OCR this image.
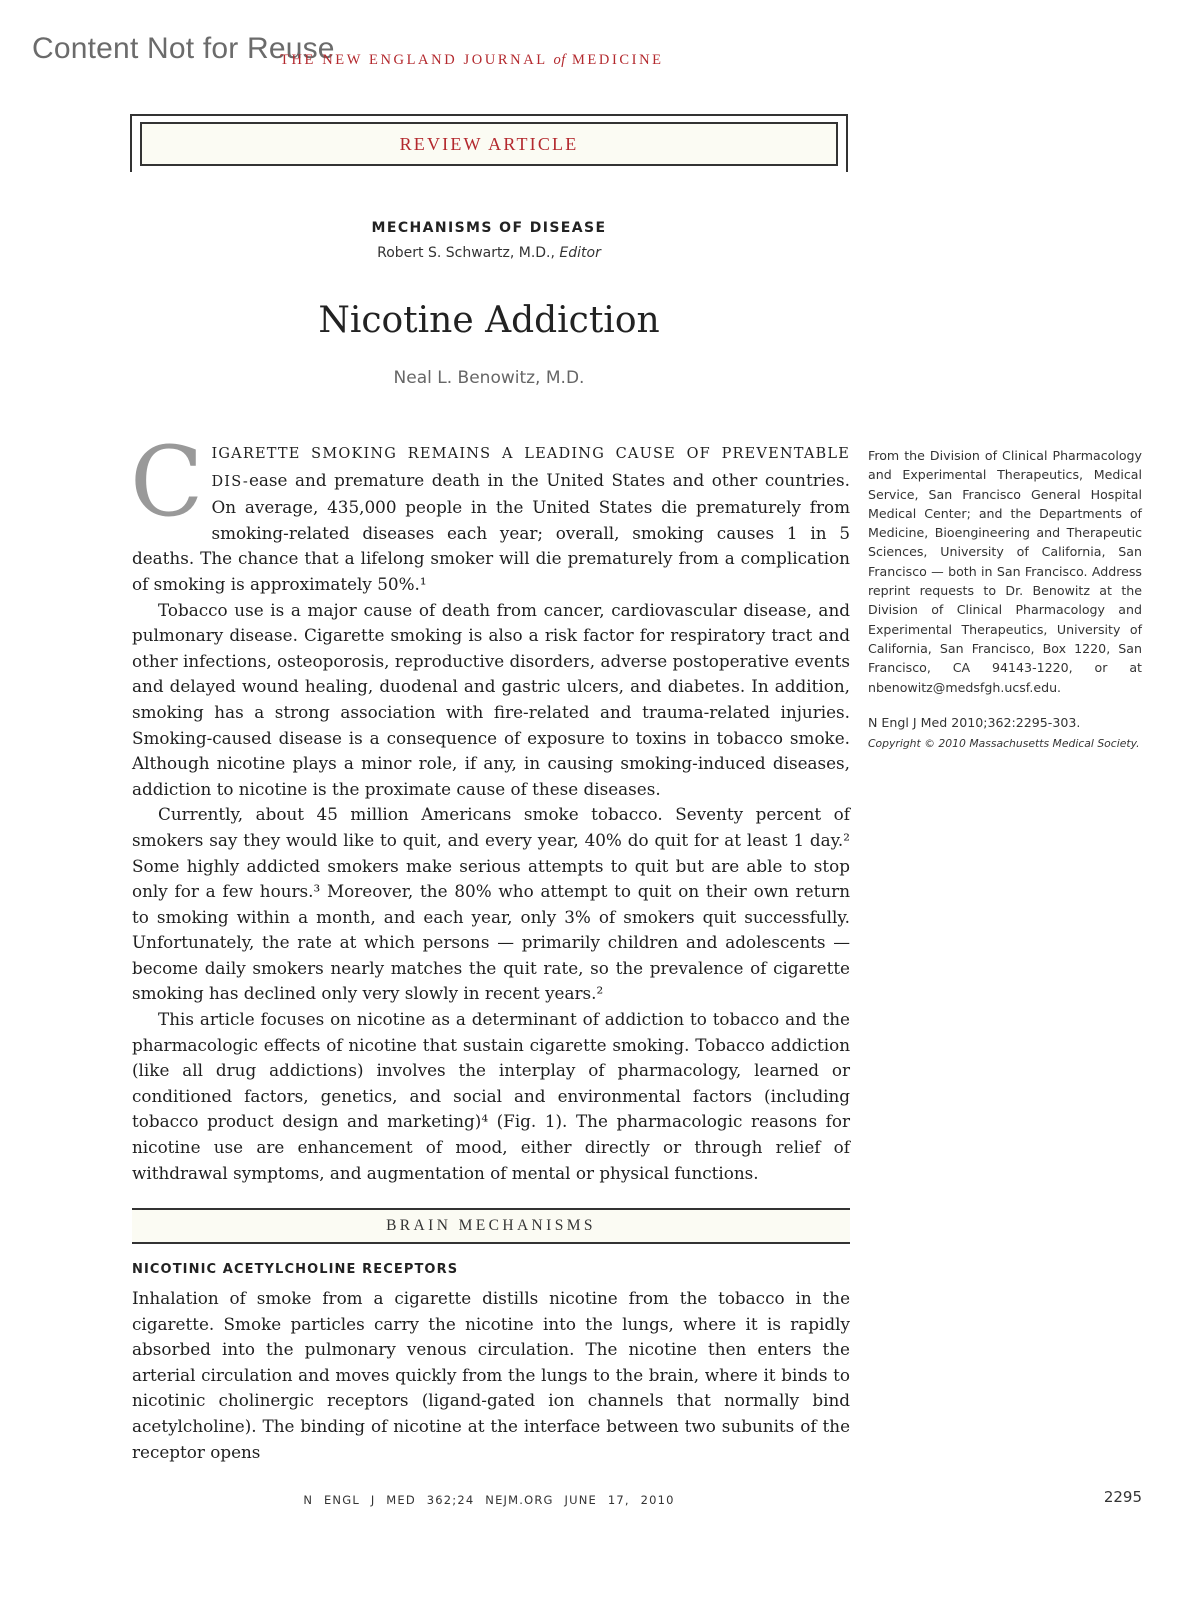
Content Not for Reuse
THE NEW ENGLAND JOURNAL of MEDICINE
REVIEW ARTICLE
MECHANISMS OF DISEASE
Robert S. Schwartz, M.D., Editor
Nicotine Addiction
Neal L. Benowitz, M.D.

CIGARETTE SMOKING REMAINS A LEADING CAUSE OF PREVENTABLE DIS-ease and premature death in the United States and other countries. On average, 435,000 people in the United States die prematurely from smoking-related diseases each year; overall, smoking causes 1 in 5 deaths. The chance that a lifelong smoker will die prematurely from a complication of smoking is approximately 50%.¹

Tobacco use is a major cause of death from cancer, cardiovascular disease, and pulmonary disease. Cigarette smoking is also a risk factor for respiratory tract and other infections, osteoporosis, reproductive disorders, adverse postoperative events and delayed wound healing, duodenal and gastric ulcers, and diabetes. In addition, smoking has a strong association with fire-related and trauma-related injuries. Smoking-caused disease is a consequence of exposure to toxins in tobacco smoke. Although nicotine plays a minor role, if any, in causing smoking-induced diseases, addiction to nicotine is the proximate cause of these diseases.

Currently, about 45 million Americans smoke tobacco. Seventy percent of smokers say they would like to quit, and every year, 40% do quit for at least 1 day.² Some highly addicted smokers make serious attempts to quit but are able to stop only for a few hours.³ Moreover, the 80% who attempt to quit on their own return to smoking within a month, and each year, only 3% of smokers quit successfully. Unfortunately, the rate at which persons — primarily children and adolescents — become daily smokers nearly matches the quit rate, so the prevalence of cigarette smoking has declined only very slowly in recent years.²

This article focuses on nicotine as a determinant of addiction to tobacco and the pharmacologic effects of nicotine that sustain cigarette smoking. Tobacco addiction (like all drug addictions) involves the interplay of pharmacology, learned or conditioned factors, genetics, and social and environmental factors (including tobacco product design and marketing)⁴ (Fig. 1). The pharmacologic reasons for nicotine use are enhancement of mood, either directly or through relief of withdrawal symptoms, and augmentation of mental or physical functions.

BRAIN MECHANISMS
NICOTINIC ACETYLCHOLINE RECEPTORS

Inhalation of smoke from a cigarette distills nicotine from the tobacco in the cigarette. Smoke particles carry the nicotine into the lungs, where it is rapidly absorbed into the pulmonary venous circulation. The nicotine then enters the arterial circulation and moves quickly from the lungs to the brain, where it binds to nicotinic cholinergic receptors (ligand-gated ion channels that normally bind acetylcholine). The binding of nicotine at the interface between two subunits of the receptor opens

From the Division of Clinical Pharmacology and Experimental Therapeutics, Medical Service, San Francisco General Hospital Medical Center; and the Departments of Medicine, Bioengineering and Therapeutic Sciences, University of California, San Francisco — both in San Francisco. Address reprint requests to Dr. Benowitz at the Division of Clinical Pharmacology and Experimental Therapeutics, University of California, San Francisco, Box 1220, San Francisco, CA 94143-1220, or at nbenowitz@medsfgh.ucsf.edu.

N Engl J Med 2010;362:2295-303.

Copyright © 2010 Massachusetts Medical Society.

N ENGL J MED 362;24 NEJM.ORG JUNE 17, 2010	2295
